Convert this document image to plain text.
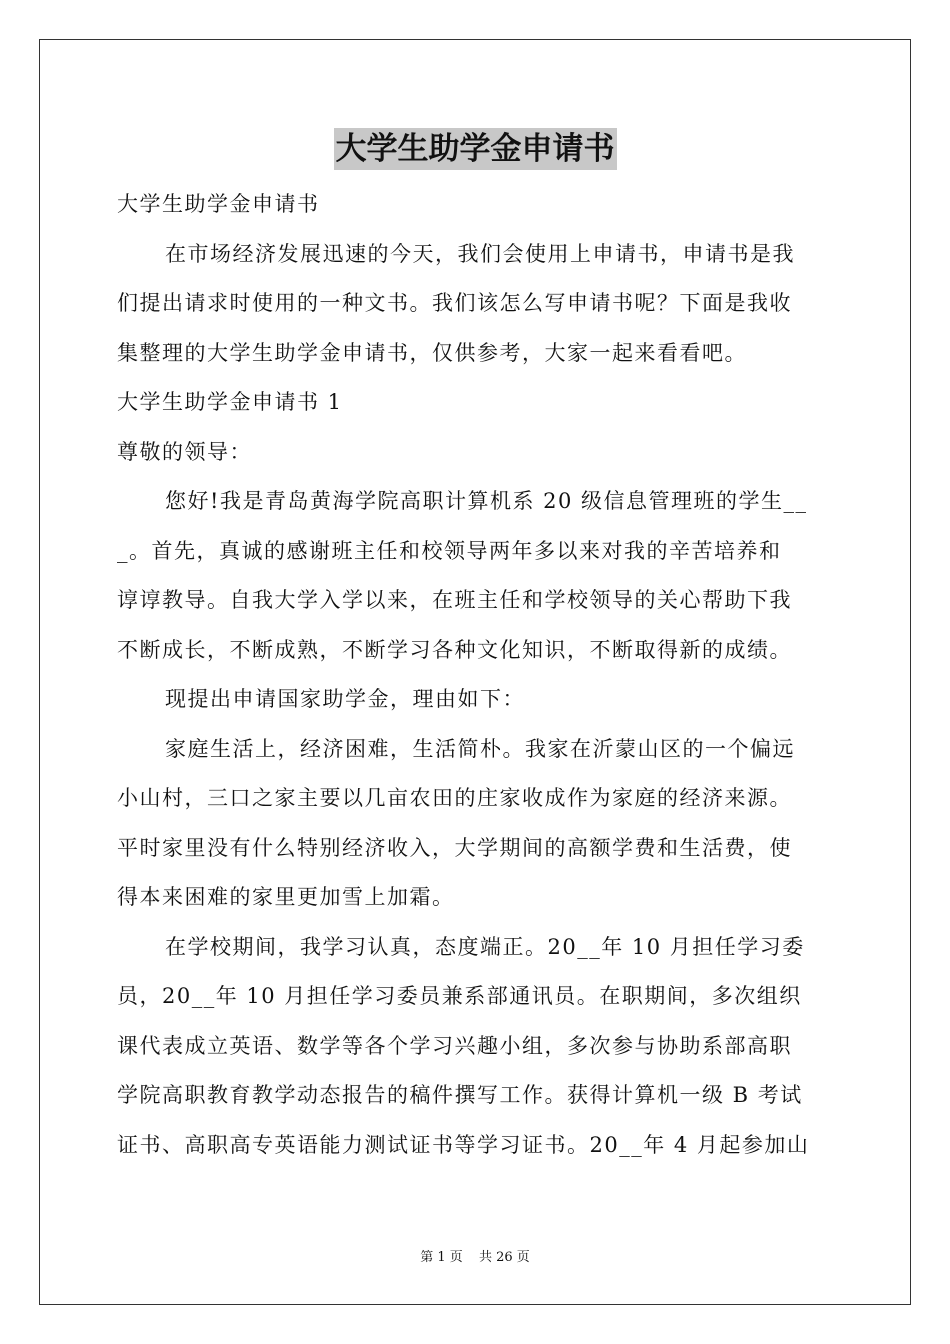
大学生助学金申请书
大学生助学金申请书
在市场经济发展迅速的今天，我们会使用上申请书，申请书是我
们提出请求时使用的一种文书。我们该怎么写申请书呢？下面是我收
集整理的大学生助学金申请书，仅供参考，大家一起来看看吧。
大学生助学金申请书 1
尊敬的领导：
您好!我是青岛黄海学院高职计算机系 20 级信息管理班的学生__
_。首先，真诚的感谢班主任和校领导两年多以来对我的辛苦培养和
谆谆教导。自我大学入学以来，在班主任和学校领导的关心帮助下我
不断成长，不断成熟，不断学习各种文化知识，不断取得新的成绩。
现提出申请国家助学金，理由如下：
家庭生活上，经济困难，生活简朴。我家在沂蒙山区的一个偏远
小山村，三口之家主要以几亩农田的庄家收成作为家庭的经济来源。
平时家里没有什么特别经济收入，大学期间的高额学费和生活费，使
得本来困难的家里更加雪上加霜。
在学校期间，我学习认真，态度端正。20__年 10 月担任学习委
员，20__年 10 月担任学习委员兼系部通讯员。在职期间，多次组织
课代表成立英语、数学等各个学习兴趣小组，多次参与协助系部高职
学院高职教育教学动态报告的稿件撰写工作。获得计算机一级 B 考试
证书、高职高专英语能力测试证书等学习证书。20__年 4 月起参加山
第 1 页 共 26 页
